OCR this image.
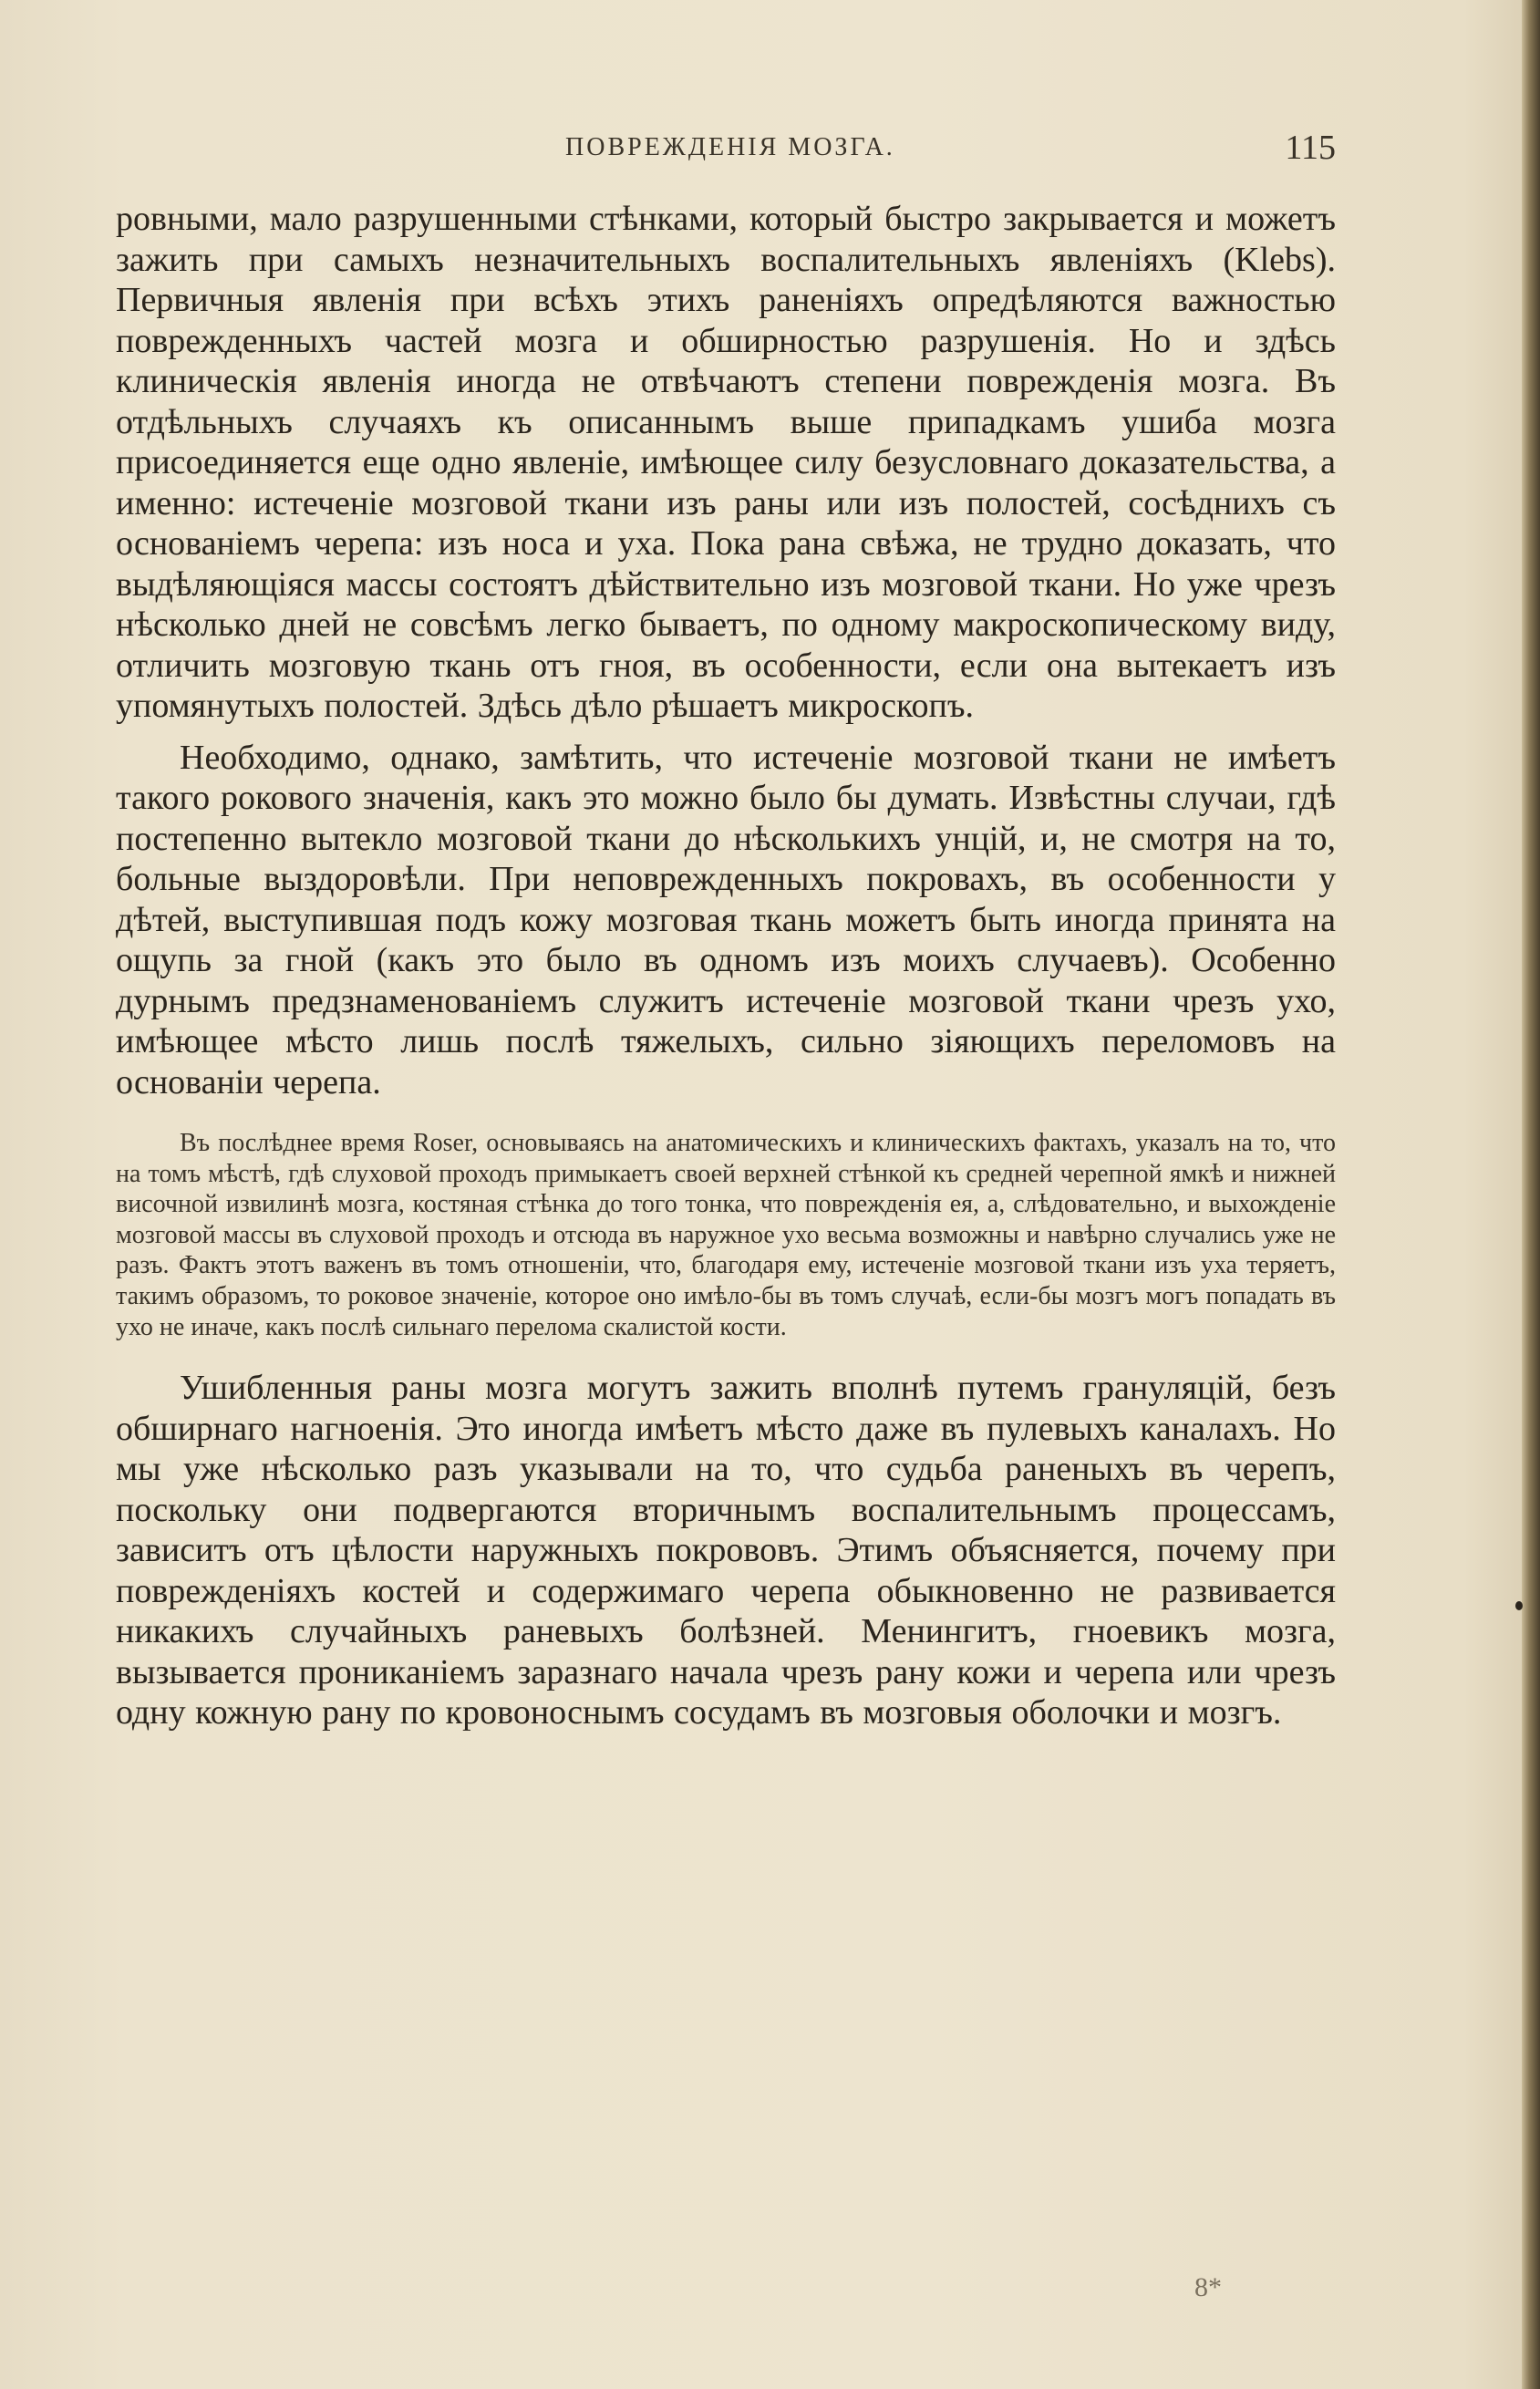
ПОВРЕЖДЕНІЯ МОЗГА.	115

ровными, мало разрушенными стѣнками, который быстро закрывается и можетъ зажить при самыхъ незначительныхъ воспалительныхъ явленіяхъ (Klebs). Первичныя явленія при всѣхъ этихъ раненіяхъ опредѣляются важностью поврежденныхъ частей мозга и обширностью разрушенія. Но и здѣсь клиническія явленія иногда не отвѣчаютъ степени поврежденія мозга. Въ отдѣльныхъ случаяхъ къ описаннымъ выше припадкамъ ушиба мозга присоединяется еще одно явленіе, имѣющее силу безусловнаго доказательства, а именно: истеченіе мозговой ткани изъ раны или изъ полостей, сосѣднихъ съ основаніемъ черепа: изъ носа и уха. Пока рана свѣжа, не трудно доказать, что выдѣляющіяся массы состоятъ дѣйствительно изъ мозговой ткани. Но уже чрезъ нѣсколько дней не совсѣмъ легко бываетъ, по одному макроскопическому виду, отличить мозговую ткань отъ гноя, въ особенности, если она вытекаетъ изъ упомянутыхъ полостей. Здѣсь дѣло рѣшаетъ микроскопъ.

Необходимо, однако, замѣтить, что истеченіе мозговой ткани не имѣетъ такого рокового значенія, какъ это можно было бы думать. Извѣстны случаи, гдѣ постепенно вытекло мозговой ткани до нѣсколькихъ унцій, и, не смотря на то, больные выздоровѣли. При неповрежденныхъ покровахъ, въ особенности у дѣтей, выступившая подъ кожу мозговая ткань можетъ быть иногда принята на ощупь за гной (какъ это было въ одномъ изъ моихъ случаевъ). Особенно дурнымъ предзнаменованіемъ служитъ истеченіе мозговой ткани чрезъ ухо, имѣющее мѣсто лишь послѣ тяжелыхъ, сильно зіяющихъ переломовъ на основаніи черепа.

Въ послѣднее время Roser, основываясь на анатомическихъ и клиническихъ фактахъ, указалъ на то, что на томъ мѣстѣ, гдѣ слуховой проходъ примыкаетъ своей верхней стѣнкой къ средней черепной ямкѣ и нижней височной извилинѣ мозга, костяная стѣнка до того тонка, что поврежденія ея, а, слѣдовательно, и выхожденіе мозговой массы въ слуховой проходъ и отсюда въ наружное ухо весьма возможны и навѣрно случались уже не разъ. Фактъ этотъ важенъ въ томъ отношеніи, что, благодаря ему, истеченіе мозговой ткани изъ уха теряетъ, такимъ образомъ, то роковое значеніе, которое оно имѣло-бы въ томъ случаѣ, если-бы мозгъ могъ попадать въ ухо не иначе, какъ послѣ сильнаго перелома скалистой кости.

Ушибленныя раны мозга могутъ зажить вполнѣ путемъ грануляцій, безъ обширнаго нагноенія. Это иногда имѣетъ мѣсто даже въ пулевыхъ каналахъ. Но мы уже нѣсколько разъ указывали на то, что судьба раненыхъ въ черепъ, поскольку они подвергаются вторичнымъ воспалительнымъ процессамъ, зависитъ отъ цѣлости наружныхъ покрововъ. Этимъ объясняется, почему при поврежденіяхъ костей и содержимаго черепа обыкновенно не развивается никакихъ случайныхъ раневыхъ болѣзней. Менингитъ, гноевикъ мозга, вызывается проникaніемъ заразнаго начала чрезъ рану кожи и черепа или чрезъ одну кожную рану по кровоноснымъ сосудамъ въ мозговыя оболочки и мозгъ.

8*
